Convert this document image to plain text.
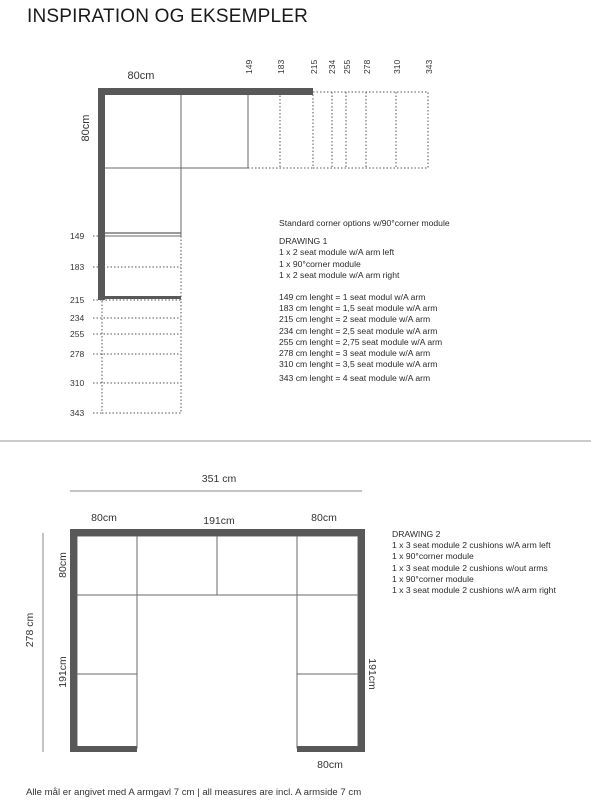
INSPIRATION OG EKSEMPLER
80cm
80cm
149	183	215 234 255 278 310	343
149
183
215
234
255
278
310
343
351 cm
80cm	191cm	80cm
80cm
278 cm
80cm
191cm	191cm
Standard corner options w/90°corner module
DRAWING 1
1 x 2 seat module w/A arm left
1 x 90°corner module
1 x 2 seat module w/A arm right
149 cm lenght = 1 seat modul w/A arm
183 cm lenght = 1,5 seat module w/A arm
215 cm lenght = 2 seat module w/A arm
234 cm lenght = 2,5 seat module w/A arm
255 cm lenght = 2,75 seat module w/A arm
278 cm lenght = 3 seat module w/A arm
310 cm lenght = 3,5 seat module w/A arm
343 cm lenght = 4 seat module w/A arm
DRAWING 2
1 x 3 seat module 2 cushions w/A arm left
1 x 90°corner module
1 x 3 seat module 2 cushions w/out arms
1 x 90°corner module
1 x 3 seat module 2 cushions w/A arm right
Alle mål er angivet med A armgavl 7 cm | all measures are incl. A armside 7 cm
